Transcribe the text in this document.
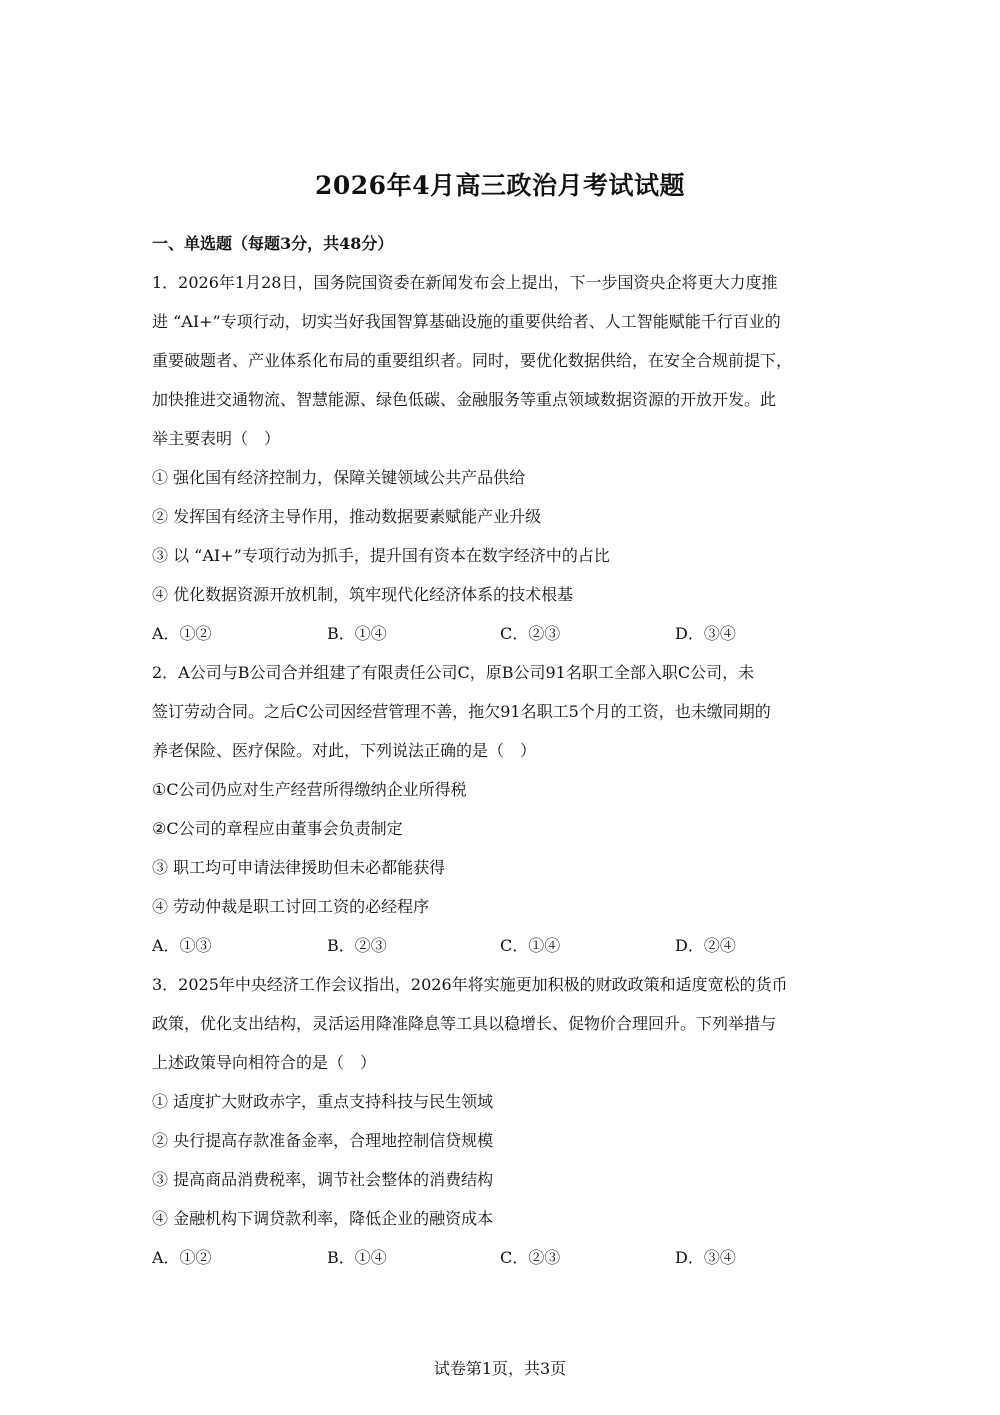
2026年4月高三政治月考试试题
一、单选题（每题3分，共48分）
1．2026年1月28日，国务院国资委在新闻发布会上提出，下一步国资央企将更大力度推
进 “AI+”专项行动，切实当好我国智算基础设施的重要供给者、人工智能赋能千行百业的
重要破题者、产业体系化布局的重要组织者。同时，要优化数据供给，在安全合规前提下，
加快推进交通物流、智慧能源、绿色低碳、金融服务等重点领域数据资源的开放开发。此
举主要表明（　）
① 强化国有经济控制力，保障关键领域公共产品供给
② 发挥国有经济主导作用，推动数据要素赋能产业升级
③ 以 “AI+”专项行动为抓手，提升国有资本在数字经济中的占比
④ 优化数据资源开放机制，筑牢现代化经济体系的技术根基
A．①②	B．①④	C．②③	D．③④
2．A公司与B公司合并组建了有限责任公司C，原B公司91名职工全部入职C公司，未
签订劳动合同。之后C公司因经营管理不善，拖欠91名职工5个月的工资，也未缴同期的
养老保险、医疗保险。对此，下列说法正确的是（　）
①C公司仍应对生产经营所得缴纳企业所得税
②C公司的章程应由董事会负责制定
③ 职工均可申请法律援助但未必都能获得
④ 劳动仲裁是职工讨回工资的必经程序
A．①③	B．②③	C．①④	D．②④
3．2025年中央经济工作会议指出，2026年将实施更加积极的财政政策和适度宽松的货币
政策，优化支出结构，灵活运用降准降息等工具以稳增长、促物价合理回升。下列举措与
上述政策导向相符合的是（　）
① 适度扩大财政赤字，重点支持科技与民生领域
② 央行提高存款准备金率，合理地控制信贷规模
③ 提高商品消费税率，调节社会整体的消费结构
④ 金融机构下调贷款利率，降低企业的融资成本
A．①②	B．①④	C．②③	D．③④
试卷第1页，共3页
